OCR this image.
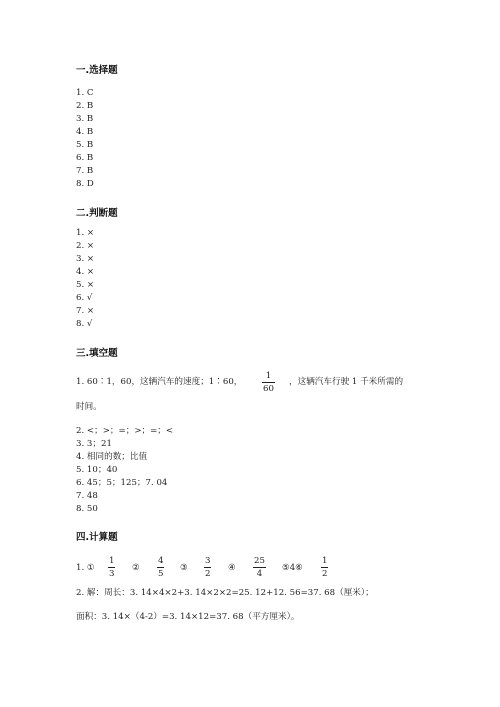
一.选择题
1. C
2. B
3. B
4. B
5. B
6. B
7. B
8. D
二.判断题
1. ×
2. ×
3. ×
4. ×
5. ×
6. √
7. ×
8. √
三.填空题
1. 60∶1，60，这辆汽车的速度；1∶60，
1
60
，这辆汽车行驶 1 千米所需的
时间。
2. <；>；=；>；=；<
3. 3；21
4. 相同的数；比值
5. 10；40
6. 45；5；125；7. 04
7. 48
8. 50
四.计算题
1. ①
1
3
②
4
5
③
3
2
④
25
4
⑤4⑥
1
2
2. 解：周长：3. 14×4×2+3. 14×2×2=25. 12+12. 56=37. 68（厘米）；
面积：3. 14×（4-2）=3. 14×12=37. 68（平方厘米）。
